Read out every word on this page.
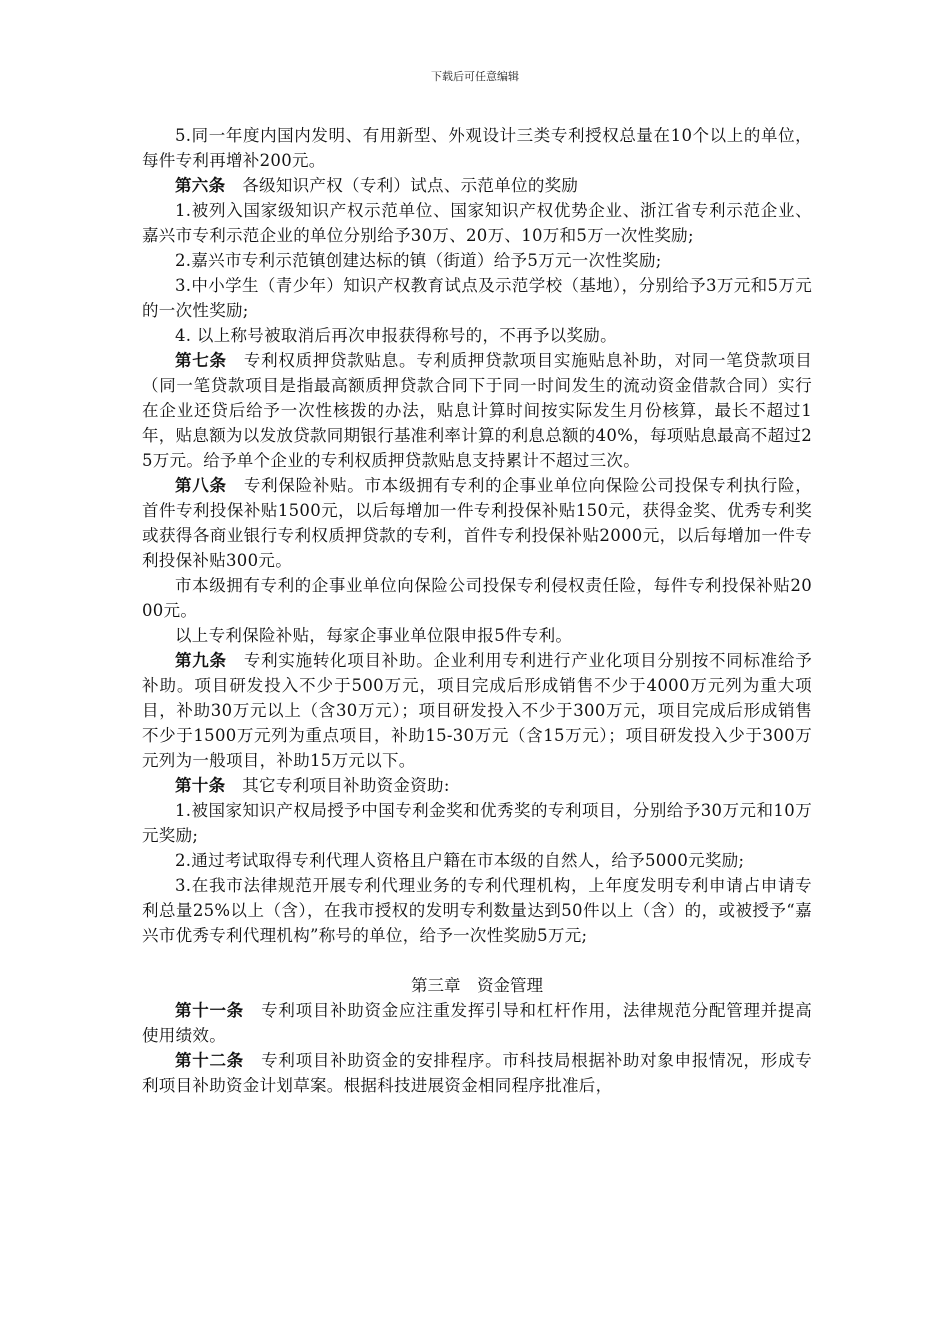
下载后可任意编辑

5.同一年度内国内发明、有用新型、外观设计三类专利授权总量在10个以上的单位，每件专利再增补200元。

第六条　 各级知识产权（专利）试点、示范单位的奖励

1.被列入国家级知识产权示范单位、国家知识产权优势企业、浙江省专利示范企业、嘉兴市专利示范企业的单位分别给予30万、20万、10万和5万一次性奖励;

2.嘉兴市专利示范镇创建达标的镇（街道）给予5万元一次性奖励;

3.中小学生（青少年）知识产权教育试点及示范学校（基地），分别给予3万元和5万元的一次性奖励;

4. 以上称号被取消后再次申报获得称号的，不再予以奖励。

第七条　 专利权质押贷款贴息。专利质押贷款项目实施贴息补助，对同一笔贷款项目（同一笔贷款项目是指最高额质押贷款合同下于同一时间发生的流动资金借款合同）实行在企业还贷后给予一次性核拨的办法，贴息计算时间按实际发生月份核算，最长不超过1年，贴息额为以发放贷款同期银行基准利率计算的利息总额的40%，每项贴息最高不超过25万元。给予单个企业的专利权质押贷款贴息支持累计不超过三次。

第八条　 专利保险补贴。市本级拥有专利的企事业单位向保险公司投保专利执行险，首件专利投保补贴1500元，以后每增加一件专利投保补贴150元，获得金奖、优秀专利奖或获得各商业银行专利权质押贷款的专利，首件专利投保补贴2000元，以后每增加一件专利投保补贴300元。

市本级拥有专利的企事业单位向保险公司投保专利侵权责任险，每件专利投保补贴2000元。

以上专利保险补贴，每家企事业单位限申报5件专利。

第九条　 专利实施转化项目补助。企业利用专利进行产业化项目分别按不同标准给予补助。项目研发投入不少于500万元，项目完成后形成销售不少于4000万元列为重大项目，补助30万元以上（含30万元）；项目研发投入不少于300万元，项目完成后形成销售不少于1500万元列为重点项目，补助15-30万元（含15万元）；项目研发投入少于300万元列为一般项目，补助15万元以下。

第十条　 其它专利项目补助资金资助:

1.被国家知识产权局授予中国专利金奖和优秀奖的专利项目，分别给予30万元和10万元奖励;

2.通过考试取得专利代理人资格且户籍在市本级的自然人，给予5000元奖励;

3.在我市法律规范开展专利代理业务的专利代理机构，上年度发明专利申请占申请专利总量25%以上（含），在我市授权的发明专利数量达到50件以上（含）的，或被授予“嘉兴市优秀专利代理机构”称号的单位，给予一次性奖励5万元;

第三章　资金管理

第十一条　 专利项目补助资金应注重发挥引导和杠杆作用，法律规范分配管理并提高使用绩效。

第十二条　 专利项目补助资金的安排程序。市科技局根据补助对象申报情况，形成专利项目补助资金计划草案。根据科技进展资金相同程序批准后，
